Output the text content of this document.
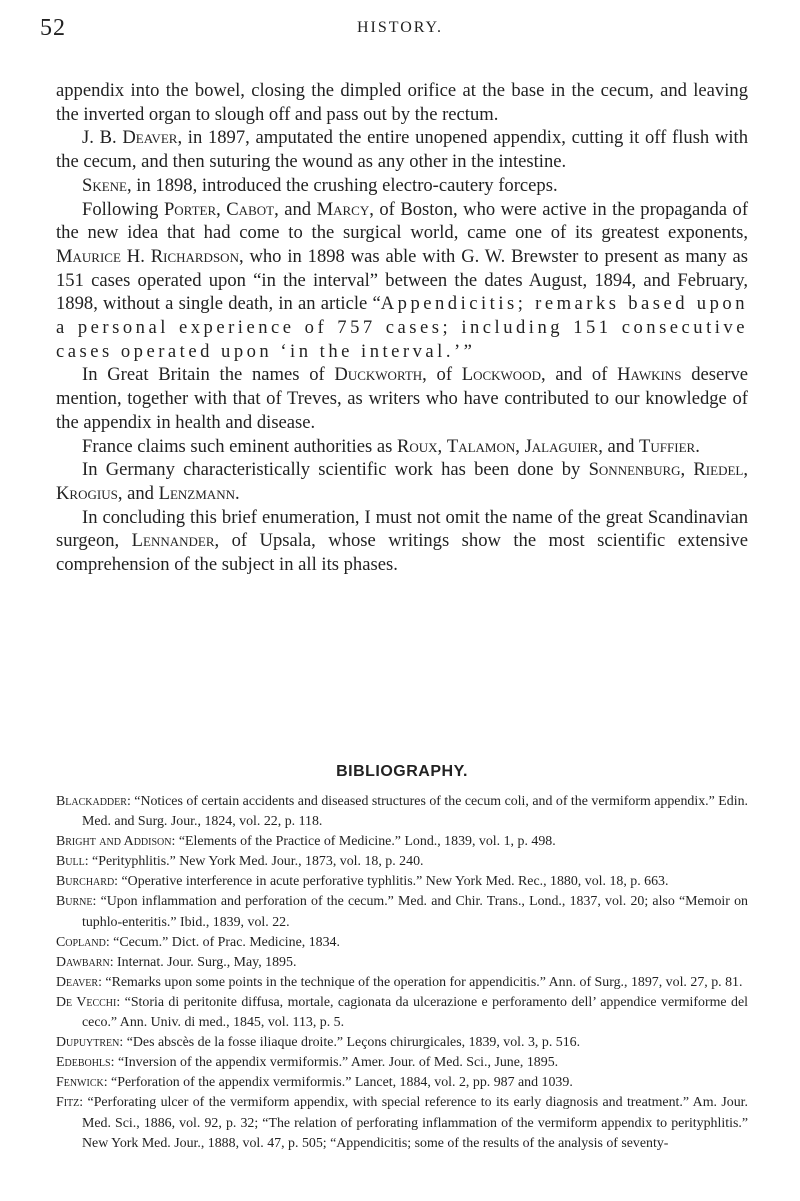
52	HISTORY.

appendix into the bowel, closing the dimpled orifice at the base in the cecum, and leaving the inverted organ to slough off and pass out by the rectum.

J. B. Deaver, in 1897, amputated the entire unopened appendix, cutting it off flush with the cecum, and then suturing the wound as any other in the intestine.

Skene, in 1898, introduced the crushing electro-cautery forceps.

Following Porter, Cabot, and Marcy, of Boston, who were active in the propaganda of the new idea that had come to the surgical world, came one of its greatest exponents, Maurice H. Richardson, who in 1898 was able with G. W. Brewster to present as many as 151 cases operated upon “in the interval” between the dates August, 1894, and February, 1898, without a single death, in an article “Appendicitis; remarks based upon a personal experience of 757 cases; including 151 consecutive cases operated upon ‘in the interval.’”

In Great Britain the names of Duckworth, of Lockwood, and of Hawkins deserve mention, together with that of Treves, as writers who have contributed to our knowledge of the appendix in health and disease.

France claims such eminent authorities as Roux, Talamon, Jalaguier, and Tuffier.

In Germany characteristically scientific work has been done by Sonnenburg, Riedel, Krogius, and Lenzmann.

In concluding this brief enumeration, I must not omit the name of the great Scandinavian surgeon, Lennander, of Upsala, whose writings show the most scientific extensive comprehension of the subject in all its phases.

BIBLIOGRAPHY.
Blackadder: “Notices of certain accidents and diseased structures of the cecum coli, and of the vermiform appendix.” Edin. Med. and Surg. Jour., 1824, vol. 22, p. 118.
Bright and Addison: “Elements of the Practice of Medicine.” Lond., 1839, vol. 1, p. 498.
Bull: “Perityphlitis.” New York Med. Jour., 1873, vol. 18, p. 240.
Burchard: “Operative interference in acute perforative typhlitis.” New York Med. Rec., 1880, vol. 18, p. 663.
Burne: “Upon inflammation and perforation of the cecum.” Med. and Chir. Trans., Lond., 1837, vol. 20; also “Memoir on tuphlo-enteritis.” Ibid., 1839, vol. 22.
Copland: “Cecum.” Dict. of Prac. Medicine, 1834.
Dawbarn: Internat. Jour. Surg., May, 1895.
Deaver: “Remarks upon some points in the technique of the operation for appendicitis.” Ann. of Surg., 1897, vol. 27, p. 81.
De Vecchi: “Storia di peritonite diffusa, mortale, cagionata da ulcerazione e perforamento dell’ appendice vermiforme del ceco.” Ann. Univ. di med., 1845, vol. 113, p. 5.
Dupuytren: “Des abscès de la fosse iliaque droite.” Leçons chirurgicales, 1839, vol. 3, p. 516.
Edebohls: “Inversion of the appendix vermiformis.” Amer. Jour. of Med. Sci., June, 1895.
Fenwick: “Perforation of the appendix vermiformis.” Lancet, 1884, vol. 2, pp. 987 and 1039.
Fitz: “Perforating ulcer of the vermiform appendix, with special reference to its early diagnosis and treatment.” Am. Jour. Med. Sci., 1886, vol. 92, p. 32; “The relation of perforating inflammation of the vermiform appendix to perityphlitis.” New York Med. Jour., 1888, vol. 47, p. 505; “Appendicitis; some of the results of the analysis of seventy-
